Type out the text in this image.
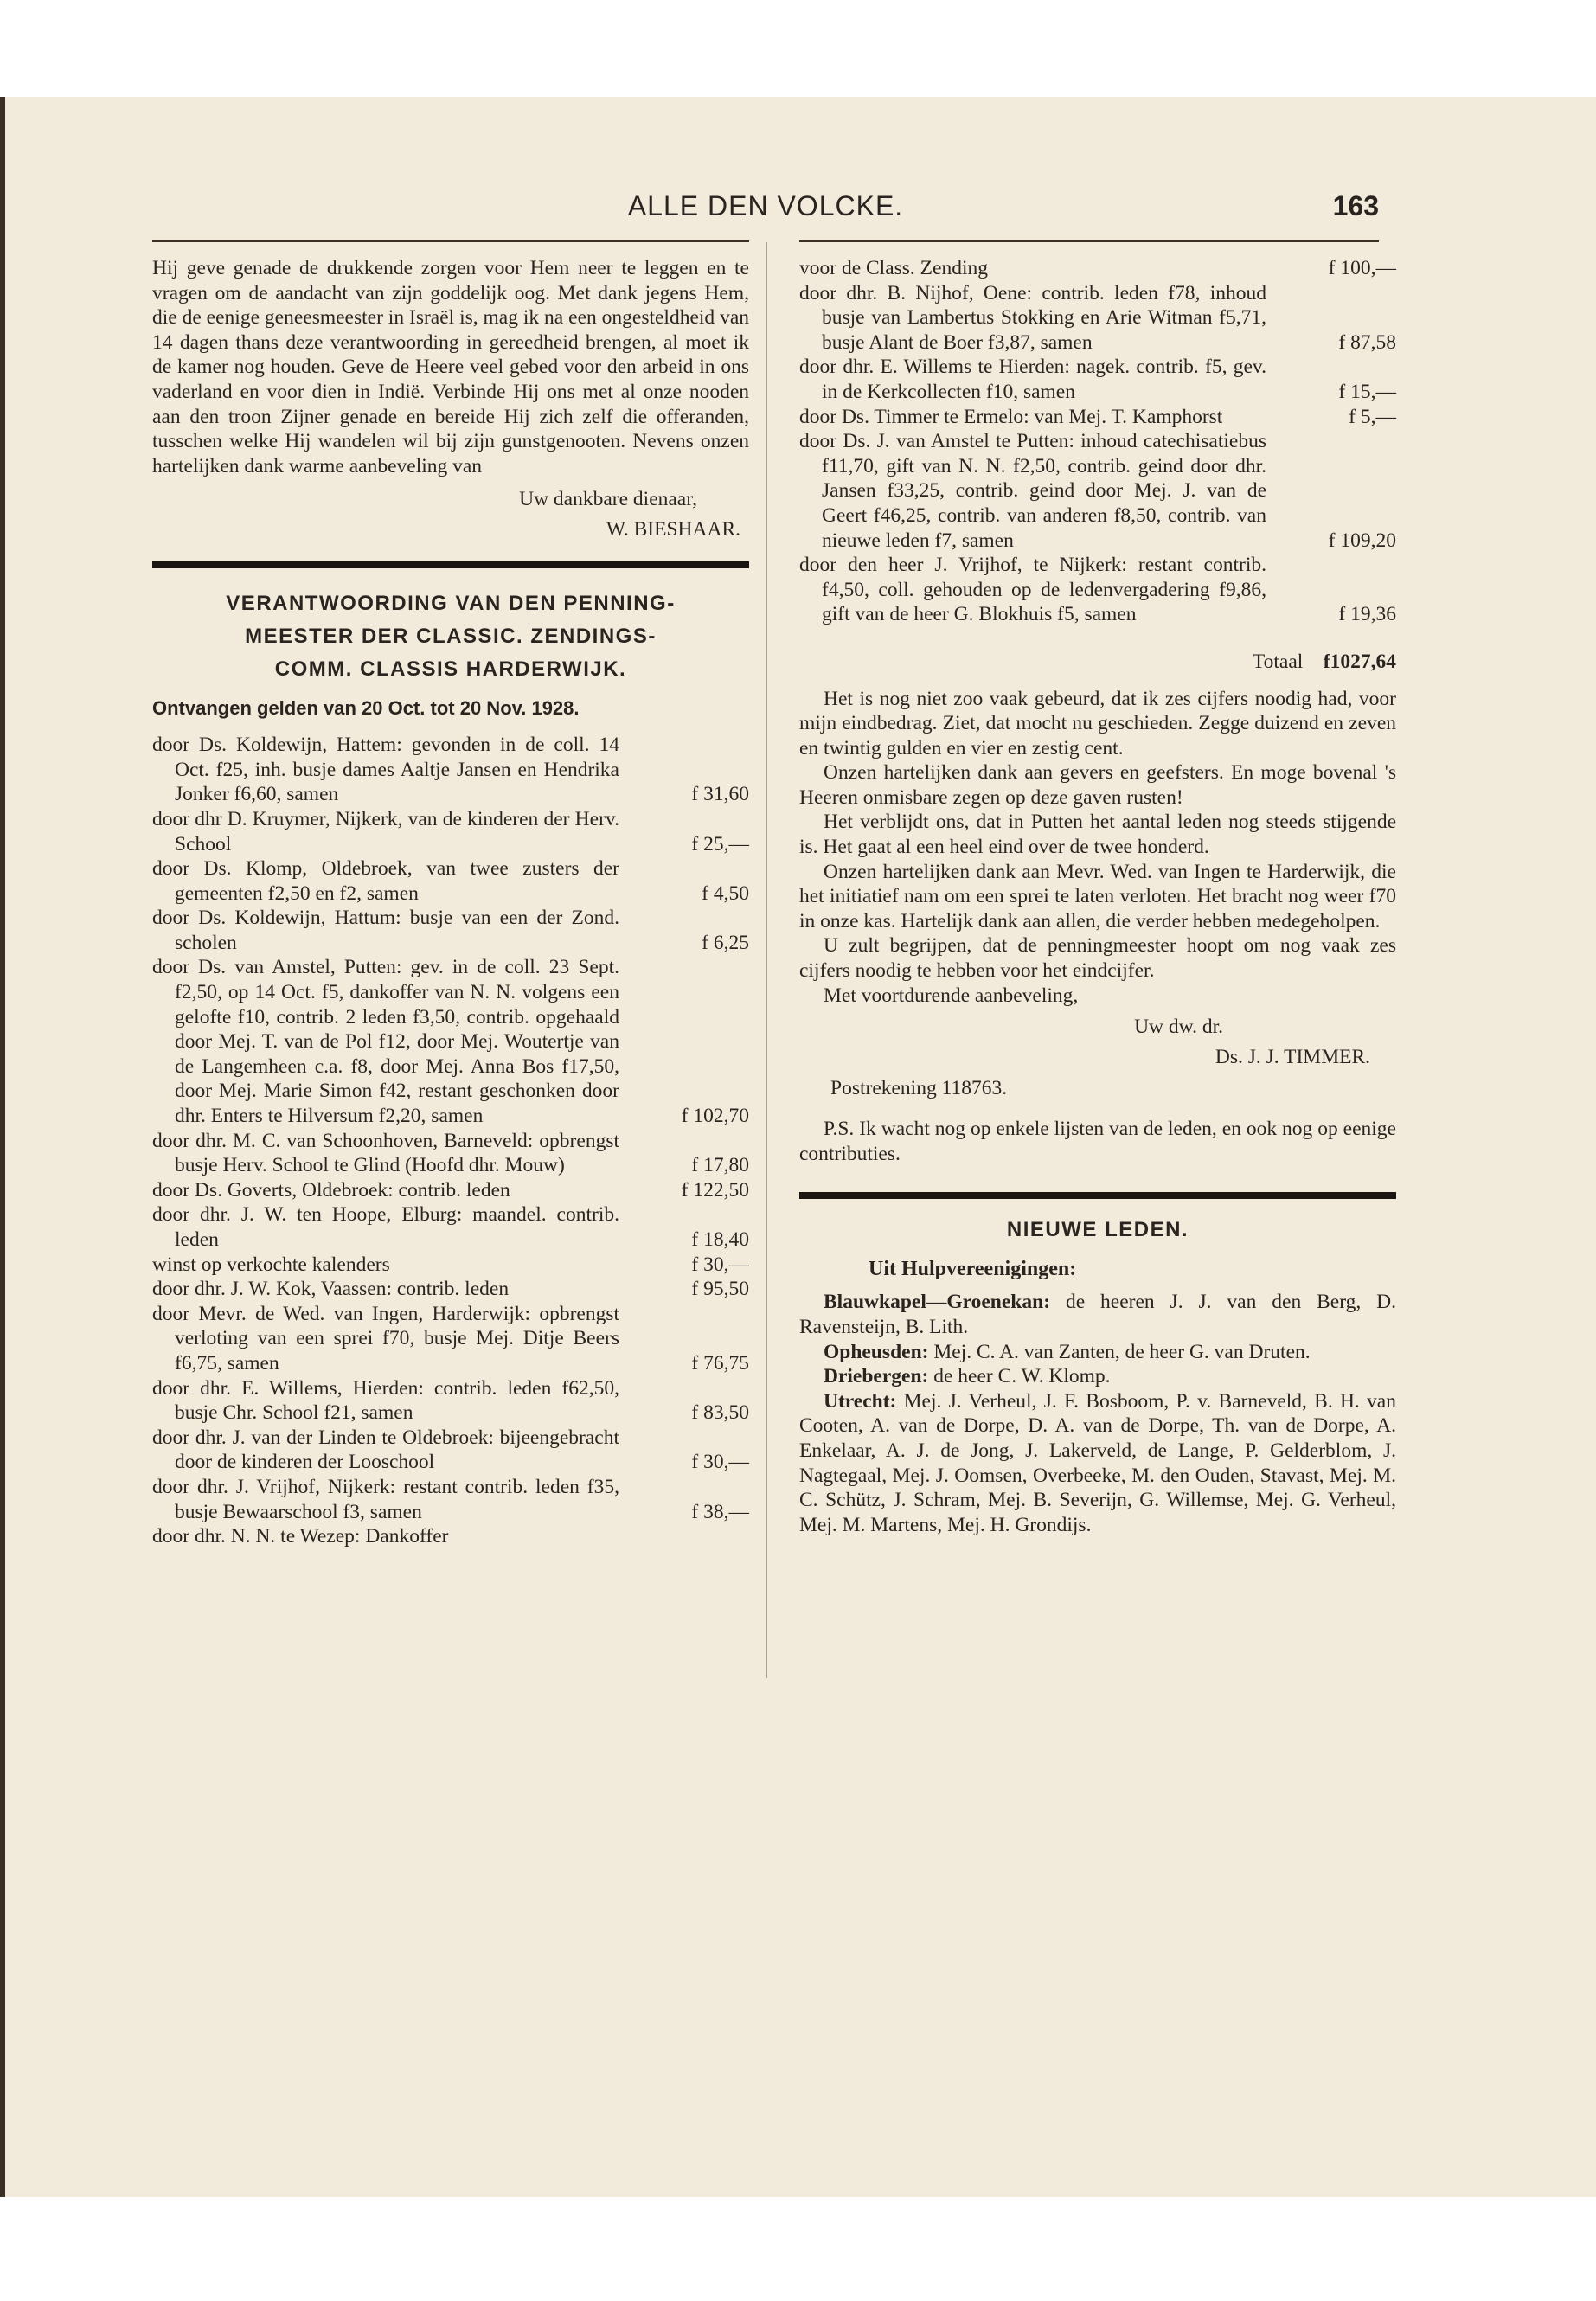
ALLE DEN VOLCKE.	163

Hij geve genade de drukkende zorgen voor Hem neer te leggen en te vragen om de aandacht van zijn goddelijk oog. Met dank jegens Hem, die de eenige geneesmeester in Israël is, mag ik na een ongesteldheid van 14 dagen thans deze verantwoording in gereedheid brengen, al moet ik de kamer nog houden. Geve de Heere veel gebed voor den arbeid in ons vaderland en voor dien in Indië. Verbinde Hij ons met al onze nooden aan den troon Zijner genade en bereide Hij zich zelf die offeranden, tusschen welke Hij wandelen wil bij zijn gunstgenooten. Nevens onzen hartelijken dank warme aanbeveling van

Uw dankbare dienaar,

W. BIESHAAR.

VERANTWOORDING VAN DEN PENNING-
MEESTER DER CLASSIC. ZENDINGS-
COMM. CLASSIS HARDERWIJK.
Ontvangen gelden van 20 Oct. tot 20 Nov. 1928.

door Ds. Koldewijn, Hattem: gevonden in de coll. 14 Oct. f25, inh. busje dames Aaltje Jansen en Hendrika Jonker f6,60, samen	f 31,60

door dhr D. Kruymer, Nijkerk, van de kinderen der Herv. School	f 25,—

door Ds. Klomp, Oldebroek, van twee zusters der gemeenten f2,50 en f2, samen	f 4,50

door Ds. Koldewijn, Hattum: busje van een der Zond. scholen	f 6,25

door Ds. van Amstel, Putten: gev. in de coll. 23 Sept. f2,50, op 14 Oct. f5, dankoffer van N. N. volgens een gelofte f10, contrib. 2 leden f3,50, contrib. opgehaald door Mej. T. van de Pol f12, door Mej. Woutertje van de Langemheen c.a. f8, door Mej. Anna Bos f17,50, door Mej. Marie Simon f42, restant geschonken door dhr. Enters te Hilversum f2,20, samen	f 102,70

door dhr. M. C. van Schoonhoven, Barneveld: opbrengst busje Herv. School te Glind (Hoofd dhr. Mouw)	f 17,80

door Ds. Goverts, Oldebroek: contrib. leden	f 122,50

door dhr. J. W. ten Hoope, Elburg: maandel. contrib. leden	f 18,40

winst op verkochte kalenders	f 30,—

door dhr. J. W. Kok, Vaassen: contrib. leden	f 95,50

door Mevr. de Wed. van Ingen, Harderwijk: opbrengst verloting van een sprei f70, busje Mej. Ditje Beers f6,75, samen	f 76,75

door dhr. E. Willems, Hierden: contrib. leden f62,50, busje Chr. School f21, samen	f 83,50

door dhr. J. van der Linden te Oldebroek: bijeengebracht door de kinderen der Looschool	f 30,—

door dhr. J. Vrijhof, Nijkerk: restant contrib. leden f35, busje Bewaarschool f3, samen	f 38,—

door dhr. N. N. te Wezep: Dankoffer

voor de Class. Zending	f 100,—

door dhr. B. Nijhof, Oene: contrib. leden f78, inhoud busje van Lambertus Stokking en Arie Witman f5,71, busje Alant de Boer f3,87, samen	f 87,58

door dhr. E. Willems te Hierden: nagek. contrib. f5, gev. in de Kerkcollecten f10, samen	f 15,—

door Ds. Timmer te Ermelo: van Mej. T. Kamphorst	f 5,—

door Ds. J. van Amstel te Putten: inhoud catechisatiebus f11,70, gift van N. N. f2,50, contrib. geind door dhr. Jansen f33,25, contrib. geind door Mej. J. van de Geert f46,25, contrib. van anderen f8,50, contrib. van nieuwe leden f7, samen	f 109,20

door den heer J. Vrijhof, te Nijkerk: restant contrib. f4,50, coll. gehouden op de ledenvergadering f9,86, gift van de heer G. Blokhuis f5, samen	f 19,36

Totaal f1027,64

Het is nog niet zoo vaak gebeurd, dat ik zes cijfers noodig had, voor mijn eindbedrag. Ziet, dat mocht nu geschieden. Zegge duizend en zeven en twintig gulden en vier en zestig cent.

Onzen hartelijken dank aan gevers en geefsters. En moge bovenal 's Heeren onmisbare zegen op deze gaven rusten!

Het verblijdt ons, dat in Putten het aantal leden nog steeds stijgende is. Het gaat al een heel eind over de twee honderd.

Onzen hartelijken dank aan Mevr. Wed. van Ingen te Harderwijk, die het initiatief nam om een sprei te laten verloten. Het bracht nog weer f70 in onze kas. Hartelijk dank aan allen, die verder hebben medegeholpen.

U zult begrijpen, dat de penningmeester hoopt om nog vaak zes cijfers noodig te hebben voor het eindcijfer.

Met voortdurende aanbeveling,

Uw dw. dr.

Ds. J. J. TIMMER.

Postrekening 118763.

P.S. Ik wacht nog op enkele lijsten van de leden, en ook nog op eenige contributies.

NIEUWE LEDEN.
Uit Hulpvereenigingen:

Blauwkapel—Groenekan: de heeren J. J. van den Berg, D. Ravensteijn, B. Lith.

Opheusden: Mej. C. A. van Zanten, de heer G. van Druten.

Driebergen: de heer C. W. Klomp.

Utrecht: Mej. J. Verheul, J. F. Bosboom, P. v. Barneveld, B. H. van Cooten, A. van de Dorpe, D. A. van de Dorpe, Th. van de Dorpe, A. Enkelaar, A. J. de Jong, J. Lakerveld, de Lange, P. Gelderblom, J. Nagtegaal, Mej. J. Oomsen, Overbeeke, M. den Ouden, Stavast, Mej. M. C. Schütz, J. Schram, Mej. B. Severijn, G. Willemse, Mej. G. Verheul, Mej. M. Martens, Mej. H. Grondijs.
